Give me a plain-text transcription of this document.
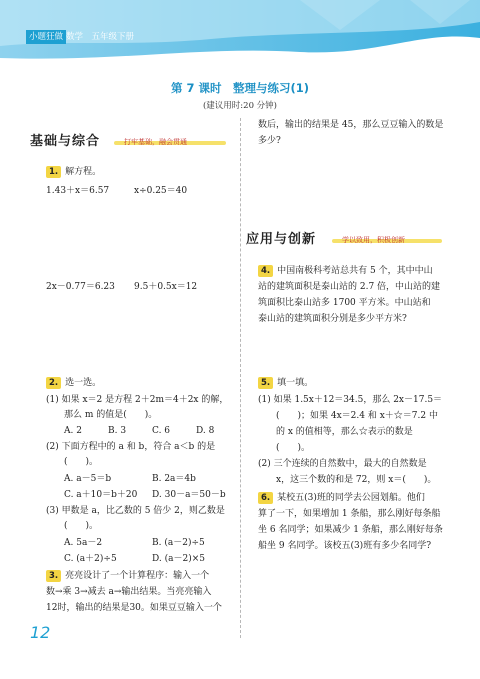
小题狂做 数学　五年级下册
第 7 课时　整理与练习(1)
(建议用时:20 分钟)
基础与综合	打牢基础，融会贯通
1. 解方程。
1.43＋x＝6.57	x÷0.25＝40
2x－0.77＝6.23 9.5＋0.5x＝12
2. 选一选。
(1) 如果 x＝2 是方程 2＋2m＝4＋2x 的解，
那么 m 的值是(　　)。
A. 2	B. 3	C. 6	D. 8
(2) 下面方程中的 a 和 b，符合 a＜b 的是
(　　)。
A. a－5＝b	B. 2a＝4b
C. a＋10＝b＋20 D. 30－a＝50－b
(3) 甲数是 a，比乙数的 5 倍少 2，则乙数是
(　　)。
A. 5a－2	B. (a－2)÷5
C. (a＋2)÷5	D. (a－2)×5
3. 亮亮设计了一个计算程序：输入一个
数→乘 3→减去 a→输出结果。当亮亮输入
12时，输出的结果是30。如果豆豆输入一个
数后，输出的结果是 45，那么豆豆输入的数是
多少?
应用与创新	学以致用，积极创新
4. 中国南极科考站总共有 5 个，其中中山
站的建筑面积是泰山站的 2.7 倍，中山站的建
筑面积比泰山站多 1700 平方米。中山站和
泰山站的建筑面积分别是多少平方米?
5. 填一填。
(1) 如果 1.5x＋12＝34.5，那么 2x－17.5＝
(　　)；如果 4x＝2.4 和 x＋☆＝7.2 中
的 x 的值相等，那么☆表示的数是
(　　)。
(2) 三个连续的自然数中，最大的自然数是
x，这三个数的和是 72，则 x＝(　　)。
6. 某校五(3)班的同学去公园划船。他们
算了一下，如果增加 1 条船，那么刚好每条船
坐 6 名同学；如果减少 1 条船，那么刚好每条
船坐 9 名同学。该校五(3)班有多少名同学?
12
